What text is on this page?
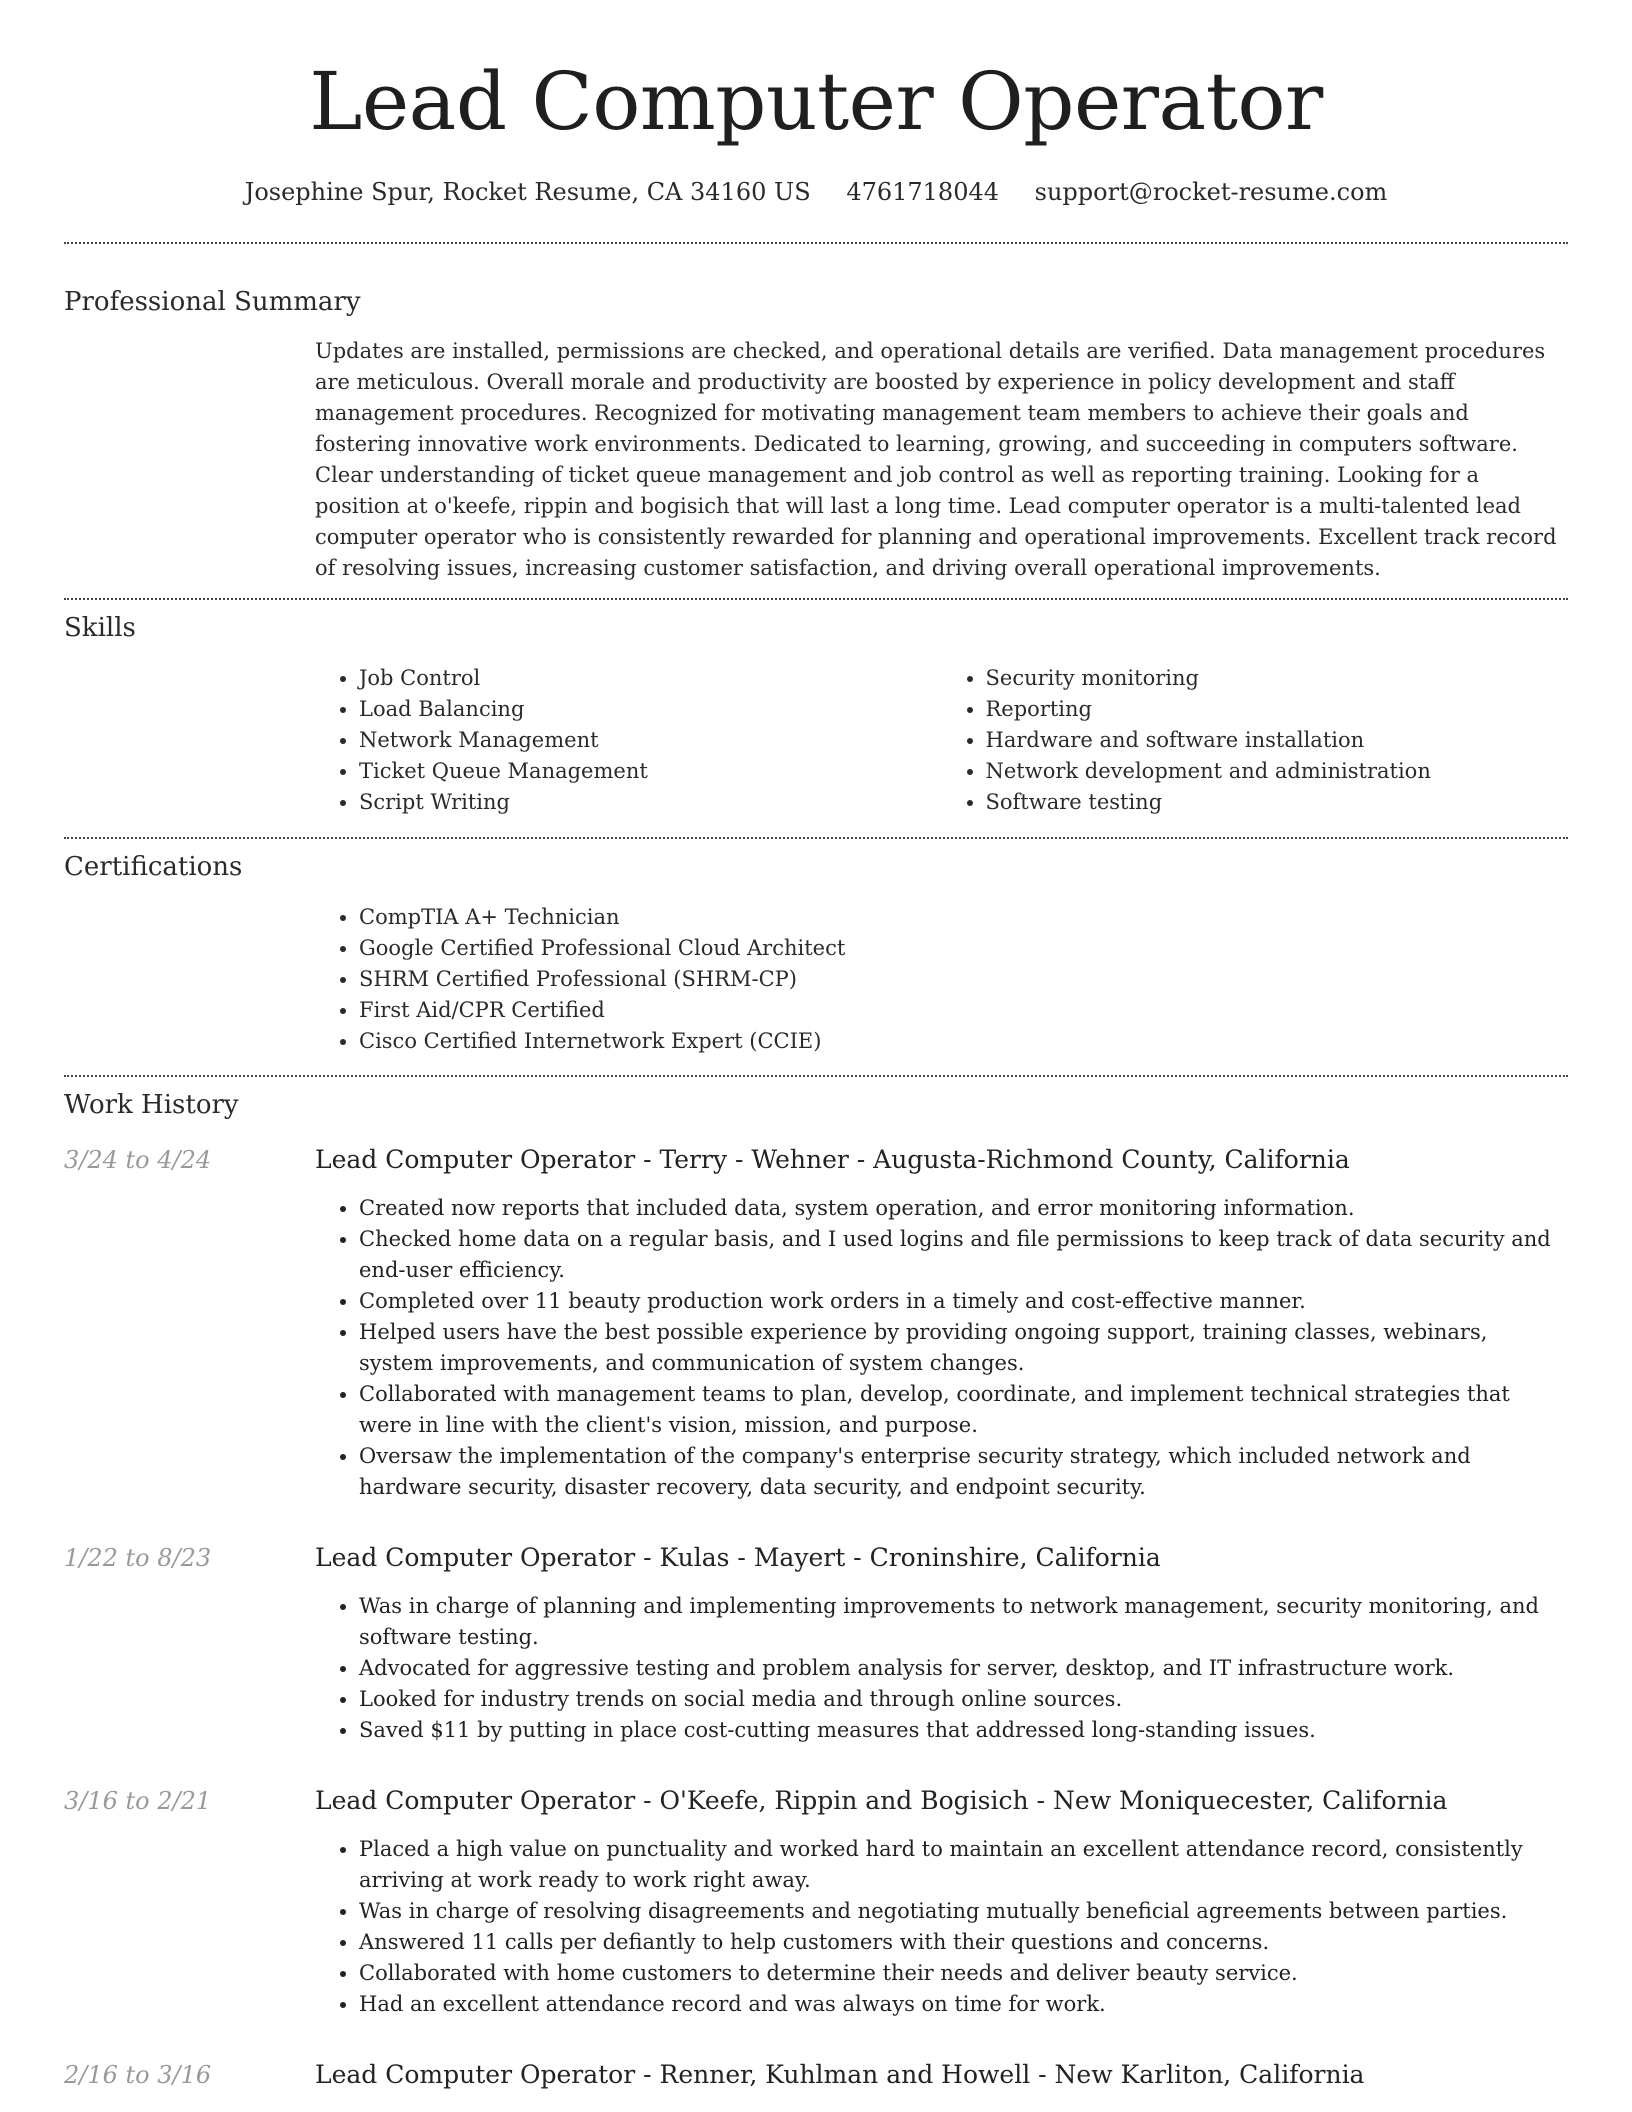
Lead Computer Operator
Josephine Spur, Rocket Resume, CA 34160 US 4761718044 support@rocket-resume.com
Professional Summary
Updates are installed, permissions are checked, and operational details are verified. Data management procedures are meticulous. Overall morale and productivity are boosted by experience in policy development and staff management procedures. Recognized for motivating management team members to achieve their goals and fostering innovative work environments. Dedicated to learning, growing, and succeeding in computers software. Clear understanding of ticket queue management and job control as well as reporting training. Looking for a position at o'keefe, rippin and bogisich that will last a long time. Lead computer operator is a multi-talented lead computer operator who is consistently rewarded for planning and operational improvements. Excellent track record of resolving issues, increasing customer satisfaction, and driving overall operational improvements.
Skills
• Job Control
• Load Balancing
• Network Management
• Ticket Queue Management
• Script Writing
• Security monitoring
• Reporting
• Hardware and software installation
• Network development and administration
• Software testing
Certifications
• CompTIA A+ Technician
• Google Certified Professional Cloud Architect
• SHRM Certified Professional (SHRM-CP)
• First Aid/CPR Certified
• Cisco Certified Internetwork Expert (CCIE)
Work History
3/24 to 4/24	Lead Computer Operator - Terry - Wehner - Augusta-Richmond County, California
• Created now reports that included data, system operation, and error monitoring information.
• Checked home data on a regular basis, and I used logins and file permissions to keep track of data security and end-user efficiency.
• Completed over 11 beauty production work orders in a timely and cost-effective manner.
• Helped users have the best possible experience by providing ongoing support, training classes, webinars, system improvements, and communication of system changes.
• Collaborated with management teams to plan, develop, coordinate, and implement technical strategies that were in line with the client's vision, mission, and purpose.
• Oversaw the implementation of the company's enterprise security strategy, which included network and hardware security, disaster recovery, data security, and endpoint security.
1/22 to 8/23	Lead Computer Operator - Kulas - Mayert - Croninshire, California
• Was in charge of planning and implementing improvements to network management, security monitoring, and software testing.
• Advocated for aggressive testing and problem analysis for server, desktop, and IT infrastructure work.
• Looked for industry trends on social media and through online sources.
• Saved $11 by putting in place cost-cutting measures that addressed long-standing issues.
3/16 to 2/21	Lead Computer Operator - O'Keefe, Rippin and Bogisich - New Moniquecester, California
• Placed a high value on punctuality and worked hard to maintain an excellent attendance record, consistently arriving at work ready to work right away.
• Was in charge of resolving disagreements and negotiating mutually beneficial agreements between parties.
• Answered 11 calls per defiantly to help customers with their questions and concerns.
• Collaborated with home customers to determine their needs and deliver beauty service.
• Had an excellent attendance record and was always on time for work.
2/16 to 3/16	Lead Computer Operator - Renner, Kuhlman and Howell - New Karliton, California
